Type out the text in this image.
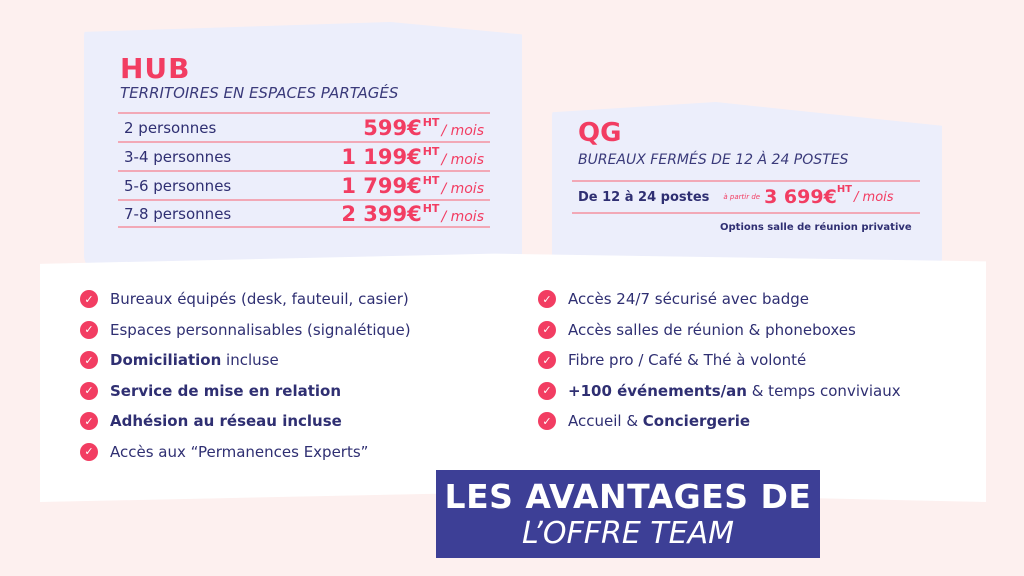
HUB
TERRITOIRES EN ESPACES PARTAGÉS
2 personnes	599€ HT
/ mois
3-4 personnes	1 199€ HT
/ mois
5-6 personnes	1 799€ HT
/ mois
7-8 personnes	2 399€ HT
/ mois
QG
BUREAUX FERMÉS DE 12 À 24 POSTES
De 12 à 24 postes à partir de 3 699€ HT
/ mois
Options salle de réunion privative
✓ Bureaux équipés (desk, fauteuil, casier)
✓ Espaces personnalisables (signalétique)
✓ Domiciliation incluse
✓ Service de mise en relation
✓ Adhésion au réseau incluse
✓ Accès aux “Permanences Experts”
✓ Accès 24/7 sécurisé avec badge
✓ Accès salles de réunion & phoneboxes
✓ Fibre pro / Café & Thé à volonté
✓ +100 événements/an & temps conviviaux
✓ Accueil & Conciergerie
LES AVANTAGES DE
L’OFFRE TEAM
